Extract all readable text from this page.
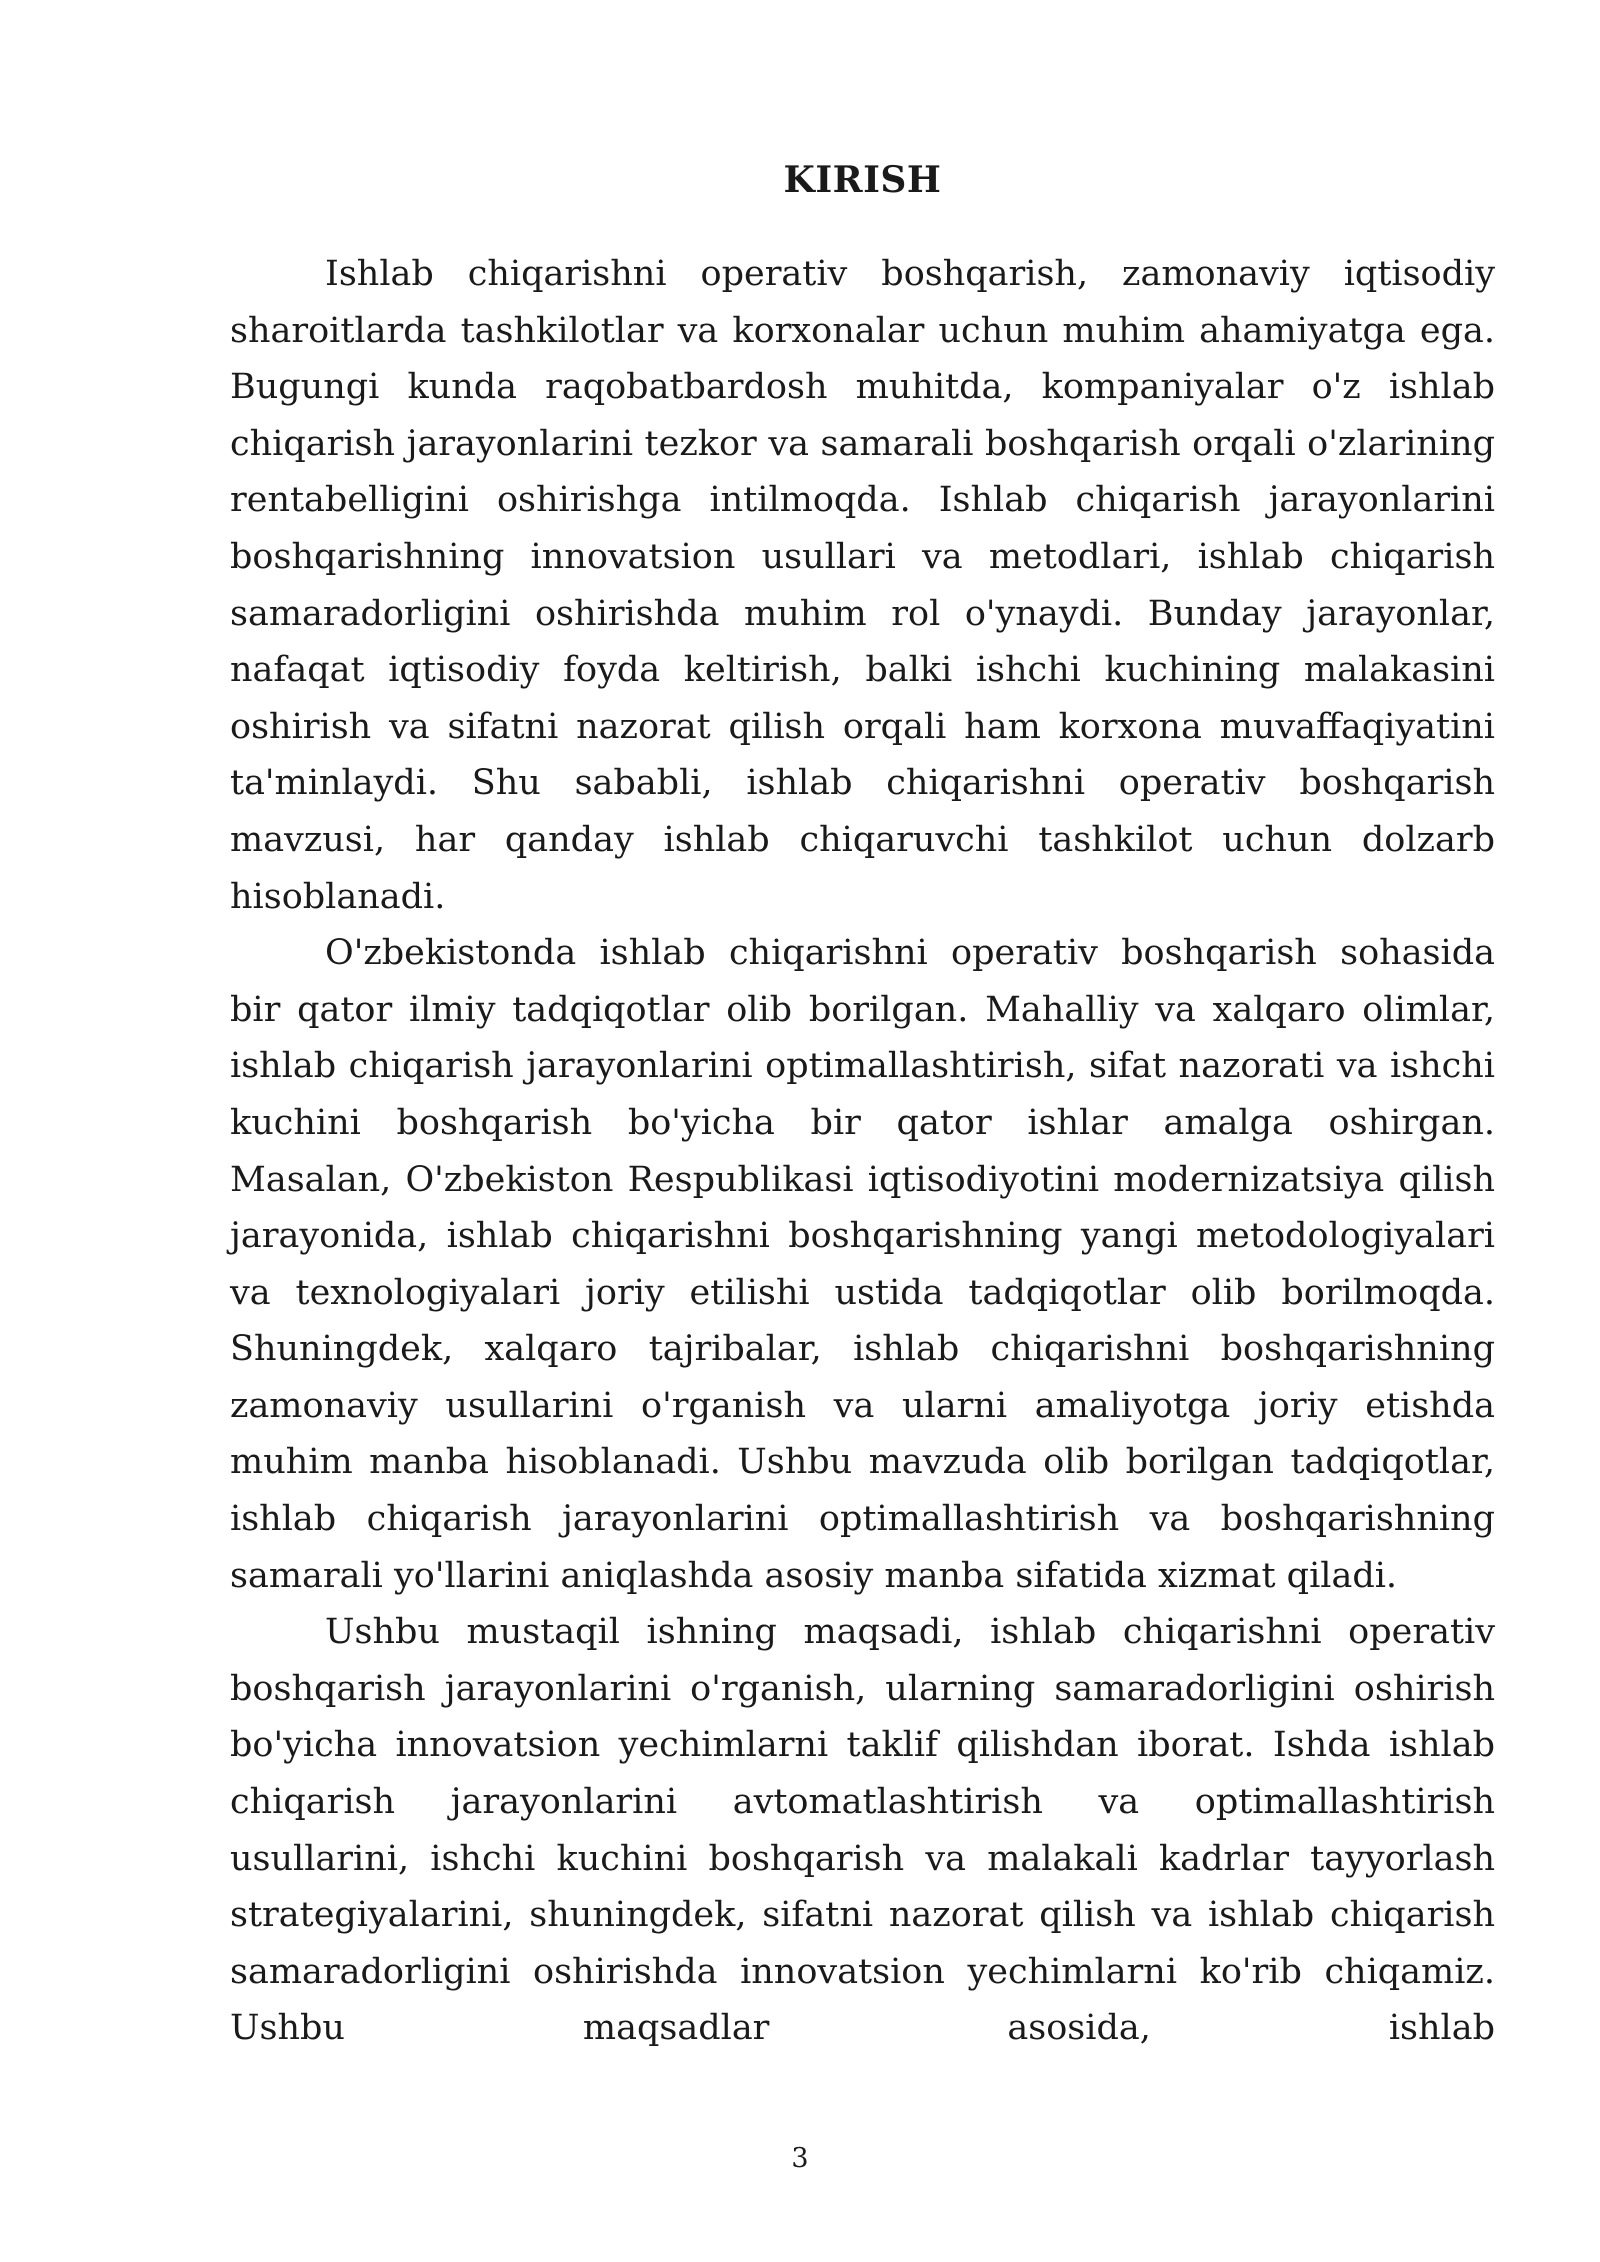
KIRISH

Ishlab chiqarishni operativ boshqarish, zamonaviy iqtisodiy sharoitlarda tashkilotlar va korxonalar uchun muhim ahamiyatga ega. Bugungi kunda raqobatbardosh muhitda, kompaniyalar o'z ishlab chiqarish jarayonlarini tezkor va samarali boshqarish orqali o'zlarining rentabelligini oshirishga intilmoqda. Ishlab chiqarish jarayonlarini boshqarishning innovatsion usullari va metodlari, ishlab chiqarish samaradorligini oshirishda muhim rol o'ynaydi. Bunday jarayonlar, nafaqat iqtisodiy foyda keltirish, balki ishchi kuchining malakasini oshirish va sifatni nazorat qilish orqali ham korxona muvaffaqiyatini ta'minlaydi. Shu sababli, ishlab chiqarishni operativ boshqarish mavzusi, har qanday ishlab chiqaruvchi tashkilot uchun dolzarb hisoblanadi.

O'zbekistonda ishlab chiqarishni operativ boshqarish sohasida bir qator ilmiy tadqiqotlar olib borilgan. Mahalliy va xalqaro olimlar, ishlab chiqarish jarayonlarini optimallashtirish, sifat nazorati va ishchi kuchini boshqarish bo'yicha bir qator ishlar amalga oshirgan. Masalan, O'zbekiston Respublikasi iqtisodiyotini modernizatsiya qilish jarayonida, ishlab chiqarishni boshqarishning yangi metodologiyalari va texnologiyalari joriy etilishi ustida tadqiqotlar olib borilmoqda. Shuningdek, xalqaro tajribalar, ishlab chiqarishni boshqarishning zamonaviy usullarini o'rganish va ularni amaliyotga joriy etishda muhim manba hisoblanadi. Ushbu mavzuda olib borilgan tadqiqotlar, ishlab chiqarish jarayonlarini optimallashtirish va boshqarishning samarali yo'llarini aniqlashda asosiy manba sifatida xizmat qiladi.

Ushbu mustaqil ishning maqsadi, ishlab chiqarishni operativ boshqarish jarayonlarini o'rganish, ularning samaradorligini oshirish bo'yicha innovatsion yechimlarni taklif qilishdan iborat. Ishda ishlab chiqarish jarayonlarini avtomatlashtirish va optimallashtirish usullarini, ishchi kuchini boshqarish va malakali kadrlar tayyorlash strategiyalarini, shuningdek, sifatni nazorat qilish va ishlab chiqarish samaradorligini oshirishda innovatsion yechimlarni ko'rib chiqamiz. Ushbu maqsadlar asosida, ishlab

3
